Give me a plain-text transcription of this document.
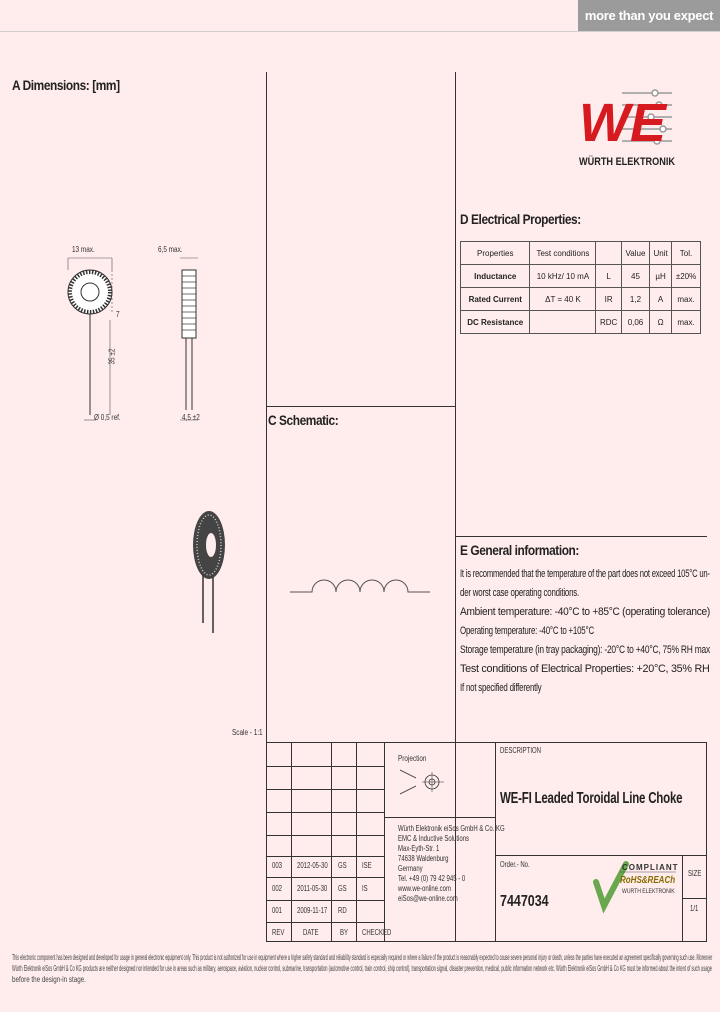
more than you expect
A Dimensions: [mm]
C Schematic:
D Electrical Properties:
E General information:
WE
WÜRTH ELEKTRONIK
13 max.	6,5 max.
7
35 ±2
Ø 0,5 ref.	4,5 ±2
Scale - 1:1
Properties	Test conditions		Value	Unit	Tol.
Inductance	10 kHz/ 10 mA	L	45	µH	±20%
Rated Current	ΔT = 40 K	IR	1,2	A	max.
DC Resistance		RDC	0,06	Ω	max.
It is recommended that the temperature of the part does not exceed 105°C un-
der worst case operating conditions.
Ambient temperature: -40°C to +85°C (operating tolerance)
Operating temperature: -40°C to +105°C
Storage temperature (in tray packaging): -20°C to +40°C, 75% RH max
Test conditions of Electrical Properties: +20°C, 35% RH
If not specified differently
Projection
Würth Elektronik eiSos GmbH & Co. KG
EMC & Inductive Solutions
Max-Eyth-Str. 1
74638 Waldenburg
Germany
Tel. +49 (0) 79 42 945 - 0
www.we-online.com
eiSos@we-online.com
003 2012-05-30 GS ISE
002 2011-05-30 GS IS
001 2009-11-17 RD
REV DATE	BY CHECKED
DESCRIPTION
WE-FI Leaded Toroidal Line Choke
Order.- No.
7447034
SIZE
1/1
COMPLIANT
RoHS&REACh
WÜRTH ELEKTRONIK
This electronic component has been designed and developed for usage in general electronic equipment only. This product is not authorized for use in equipment where a higher safety standard and reliability standard is especially required or where a failure of the product is reasonably expected to cause severe personal injury or death, unless the parties have executed an agreement specifically governing such use. Moreover
Würth Elektronik eiSos GmbH & Co KG products are neither designed nor intended for use in areas such as military, aerospace, aviation, nuclear control, submarine, transportation (automotive control, train control, ship control), transportation signal, disaster prevention, medical, public information network etc. Würth Elektronik eiSos GmbH & Co KG must be informed about the intent of such usage
before the design-in stage.
